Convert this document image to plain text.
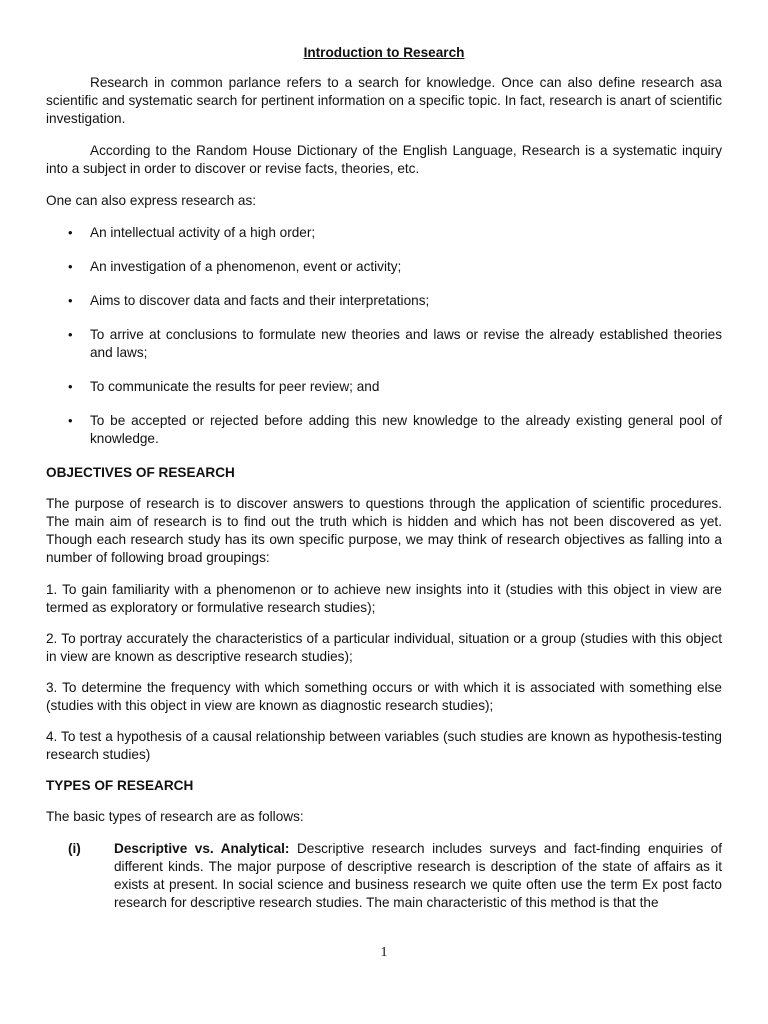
Introduction to Research

Research in common parlance refers to a search for knowledge. Once can also define research asa scientific and systematic search for pertinent information on a specific topic. In fact, research is anart of scientific investigation.

According to the Random House Dictionary of the English Language, Research is a systematic inquiry into a subject in order to discover or revise facts, theories, etc.

One can also express research as:

• An intellectual activity of a high order;
• An investigation of a phenomenon, event or activity;
• Aims to discover data and facts and their interpretations;
• To arrive at conclusions to formulate new theories and laws or revise the already established theories and laws;
• To communicate the results for peer review; and
• To be accepted or rejected before adding this new knowledge to the already existing general pool of knowledge.
OBJECTIVES OF RESEARCH

The purpose of research is to discover answers to questions through the application of scientific procedures. The main aim of research is to find out the truth which is hidden and which has not been discovered as yet. Though each research study has its own specific purpose, we may think of research objectives as falling into a number of following broad groupings:

1. To gain familiarity with a phenomenon or to achieve new insights into it (studies with this object in view are termed as exploratory or formulative research studies);

2. To portray accurately the characteristics of a particular individual, situation or a group (studies with this object in view are known as descriptive research studies);

3. To determine the frequency with which something occurs or with which it is associated with something else (studies with this object in view are known as diagnostic research studies);

4. To test a hypothesis of a causal relationship between variables (such studies are known as hypothesis-testing research studies)

TYPES OF RESEARCH

The basic types of research are as follows:

(i) Descriptive vs. Analytical: Descriptive research includes surveys and fact-finding enquiries of different kinds. The major purpose of descriptive research is description of the state of affairs as it exists at present. In social science and business research we quite often use the term Ex post facto research for descriptive research studies. The main characteristic of this method is that the
1
